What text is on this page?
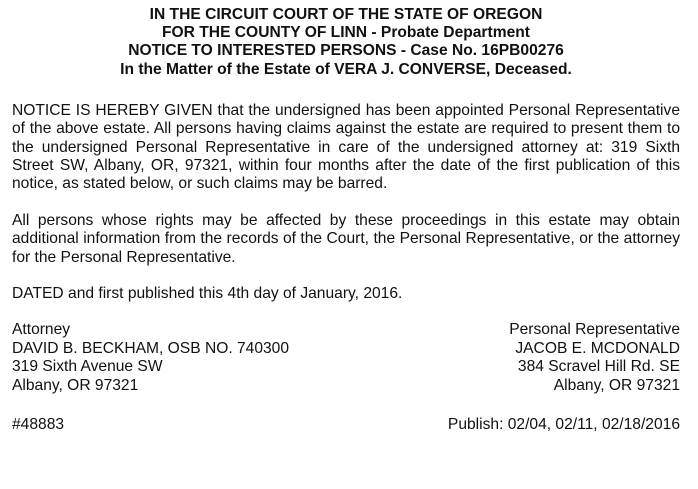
IN THE CIRCUIT COURT OF THE STATE OF OREGON
FOR THE COUNTY OF LINN - Probate Department
NOTICE TO INTERESTED PERSONS - Case No. 16PB00276
In the Matter of the Estate of VERA J. CONVERSE, Deceased.

NOTICE IS HEREBY GIVEN that the undersigned has been appointed Personal Representative of the above estate. All persons having claims against the estate are required to present them to the undersigned Personal Representative in care of the undersigned attorney at: 319 Sixth Street SW, Albany, OR, 97321, within four months after the date of the first publication of this notice, as stated below, or such claims may be barred.

All persons whose rights may be affected by these proceedings in this estate may obtain additional information from the records of the Court, the Personal Representative, or the attorney for the Personal Representative.

DATED and first published this 4th day of January, 2016.

Attorney
DAVID B. BECKHAM, OSB NO. 740300
319 Sixth Avenue SW
Albany, OR 97321
Personal Representative
JACOB E. MCDONALD
384 Scravel Hill Rd. SE
Albany, OR 97321
#48883	Publish: 02/04, 02/11, 02/18/2016
